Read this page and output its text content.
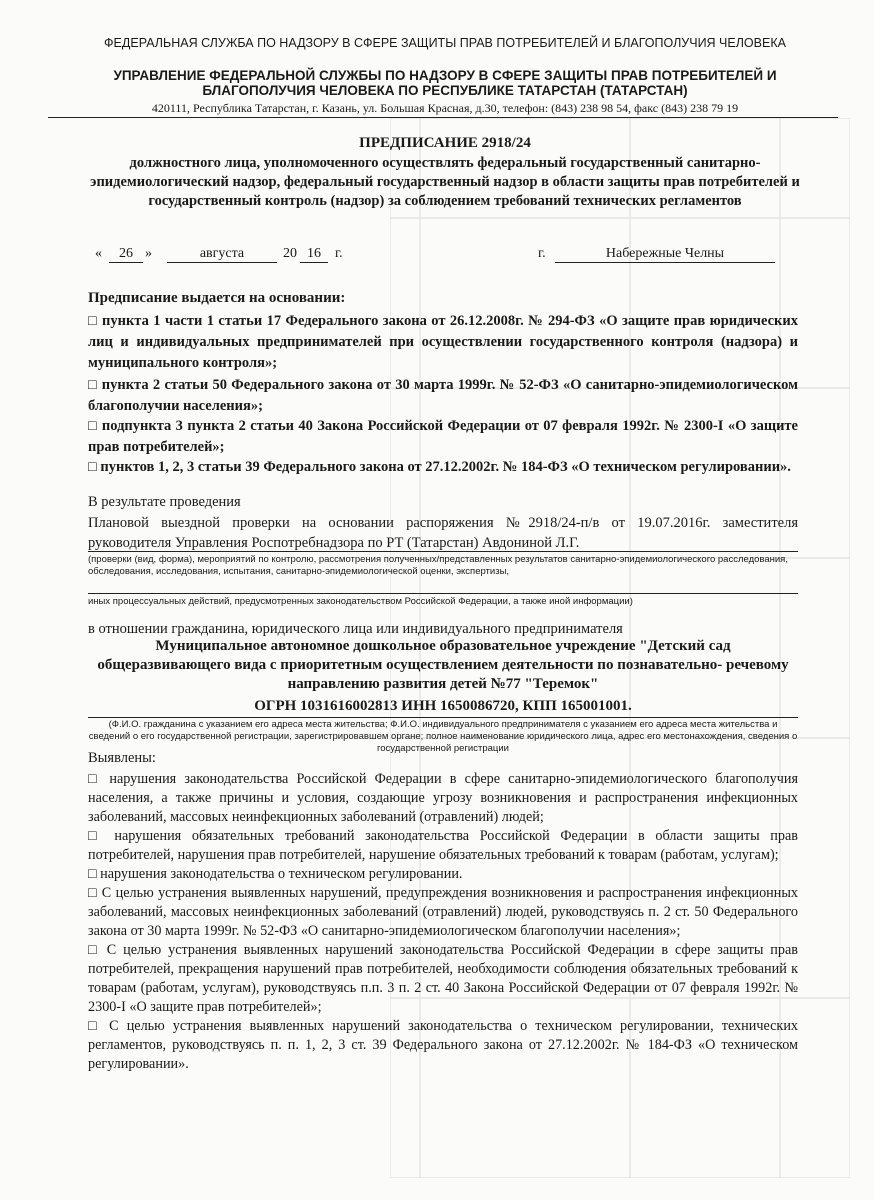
ФЕДЕРАЛЬНАЯ СЛУЖБА ПО НАДЗОРУ В СФЕРЕ ЗАЩИТЫ ПРАВ ПОТРЕБИТЕЛЕЙ И БЛАГОПОЛУЧИЯ ЧЕЛОВЕКА
УПРАВЛЕНИЕ ФЕДЕРАЛЬНОЙ СЛУЖБЫ ПО НАДЗОРУ В СФЕРЕ ЗАЩИТЫ ПРАВ ПОТРЕБИТЕЛЕЙ И БЛАГОПОЛУЧИЯ ЧЕЛОВЕКА ПО РЕСПУБЛИКЕ ТАТАРСТАН (ТАТАРСТАН)
420111, Республика Татарстан, г. Казань, ул. Большая Красная, д.30, телефон: (843) 238 98 54, факс (843) 238 79 19
ПРЕДПИСАНИЕ 2918/24
должностного лица, уполномоченного осуществлять федеральный государственный санитарно-эпидемиологический надзор, федеральный государственный надзор в области защиты прав потребителей и государственный контроль (надзор) за соблюдением требований технических регламентов
«	26 »	августа	20 16	г.	г.	Набережные Челны
Предписание выдается на основании:
□ пункта 1 части 1 статьи 17 Федерального закона от 26.12.2008г. № 294-ФЗ «О защите прав юридических лиц и индивидуальных предпринимателей при осуществлении государственного контроля (надзора) и муниципального контроля»;
□ пункта 2 статьи 50 Федерального закона от 30 марта 1999г. № 52-ФЗ «О санитарно-эпидемиологическом благополучии населения»;
□ подпункта 3 пункта 2 статьи 40 Закона Российской Федерации от 07 февраля 1992г. № 2300-I «О защите прав потребителей»;
□ пунктов 1, 2, 3 статьи 39 Федерального закона от 27.12.2002г. № 184-ФЗ «О техническом регулировании».
В результате проведения
Плановой выездной проверки на основании распоряжения №2918/24-п/в от 19.07.2016г. заместителя руководителя Управления Роспотребнадзора по РТ (Татарстан) Авдониной Л.Г.
(проверки (вид, форма), мероприятий по контролю, рассмотрения полученных/представленных результатов санитарно-эпидемиологического расследования, обследования, исследования, испытания, санитарно-эпидемиологической оценки, экспертизы,
иных процессуальных действий, предусмотренных законодательством Российской Федерации, а также иной информации)
в отношении гражданина, юридического лица или индивидуального предпринимателя
Муниципальное автономное дошкольное образовательное учреждение "Детский сад общеразвивающего вида с приоритетным осуществлением деятельности по познавательно- речевому направлению развития детей №77 "Теремок"
ОГРН 1031616002813 ИНН 1650086720, КПП 165001001.
(Ф.И.О. гражданина с указанием его адреса места жительства; Ф.И.О. индивидуального предпринимателя с указанием его адреса места жительства и сведений о его государственной регистрации, зарегистрировавшем органе; полное наименование юридического лица, адрес его местонахождения, сведения о государственной регистрации
Выявлены:

□ нарушения законодательства Российской Федерации в сфере санитарно-эпидемиологического благополучия населения, а также причины и условия, создающие угрозу возникновения и распространения инфекционных заболеваний, массовых неинфекционных заболеваний (отравлений) людей;

□ нарушения обязательных требований законодательства Российской Федерации в области защиты прав потребителей, нарушения прав потребителей, нарушение обязательных требований к товарам (работам, услугам);

□ нарушения законодательства о техническом регулировании.

□ С целью устранения выявленных нарушений, предупреждения возникновения и распространения инфекционных заболеваний, массовых неинфекционных заболеваний (отравлений) людей, руководствуясь п. 2 ст. 50 Федерального закона от 30 марта 1999г. № 52-ФЗ «О санитарно-эпидемиологическом благополучии населения»;

□ С целью устранения выявленных нарушений законодательства Российской Федерации в сфере защиты прав потребителей, прекращения нарушений прав потребителей, необходимости соблюдения обязательных требований к товарам (работам, услугам), руководствуясь п.п. 3 п. 2 ст. 40 Закона Российской Федерации от 07 февраля 1992г. № 2300-I «О защите прав потребителей»;

□ С целью устранения выявленных нарушений законодательства о техническом регулировании, технических регламентов, руководствуясь п. п. 1, 2, 3 ст. 39 Федерального закона от 27.12.2002г. № 184-ФЗ «О техническом регулировании».
